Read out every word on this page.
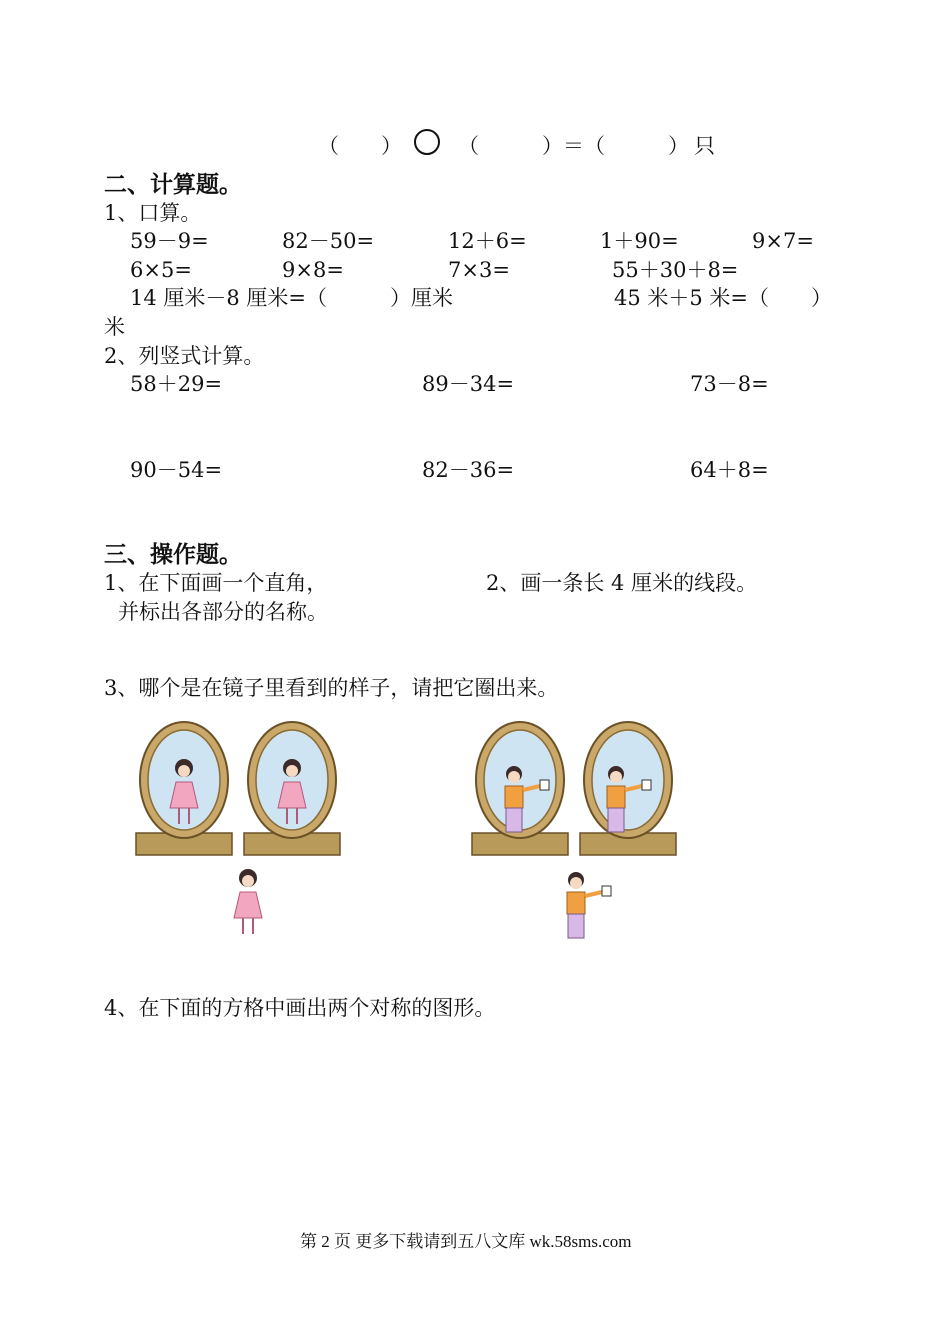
（　　）	（　　　）＝（　　　） 只
二、计算题。
1、口算。
59－9=	82－50=	12＋6=	1＋90=	9×7=
6×5=	9×8=	7×3=	55＋30＋8=
14 厘米－8 厘米=（　　　）厘米	45 米＋5 米=（　　）
米
2、列竖式计算。
58＋29=	89－34=	73－8=
90－54=	82－36=	64＋8=
三、操作题。
1、在下面画一个直角，
并标出各部分的名称。
2、画一条长 4 厘米的线段。
3、哪个是在镜子里看到的样子，请把它圈出来。
4、在下面的方格中画出两个对称的图形。
第 2 页 更多下载请到五八文库 wk.58sms.com
